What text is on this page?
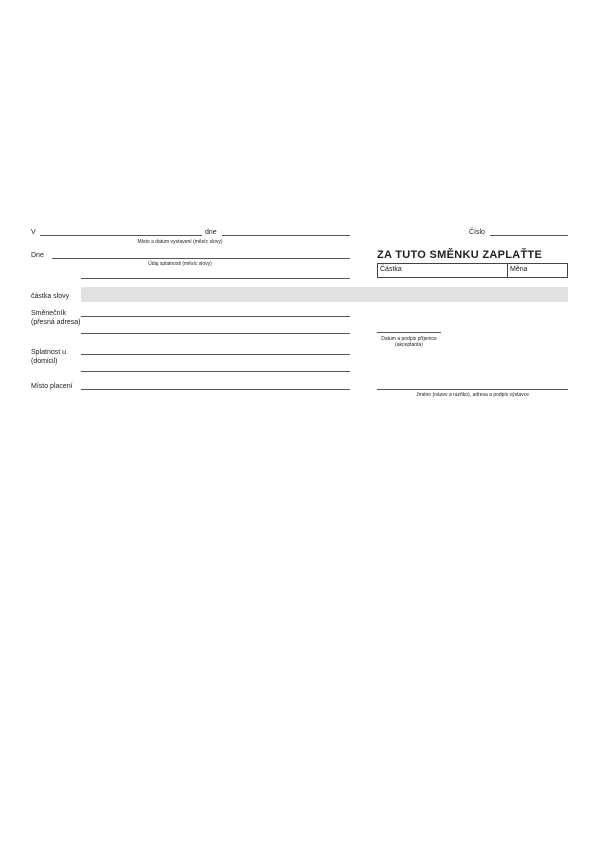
V	dne
Místo a datum vystavení (měsíc slovy)
Číslo
ZA TUTO SMĚNKU ZAPLAŤTE
Dne
Údaj splatnosti (měsíc slovy)
Částka	Měna
částka slovy
Směnečník
(přesná adresa)
Datum a podpis příjemce
(akceptanta)
Splatnost u
(domicil)
Místo placení
Jméno (název a razítko), adresa a podpis výstavce
